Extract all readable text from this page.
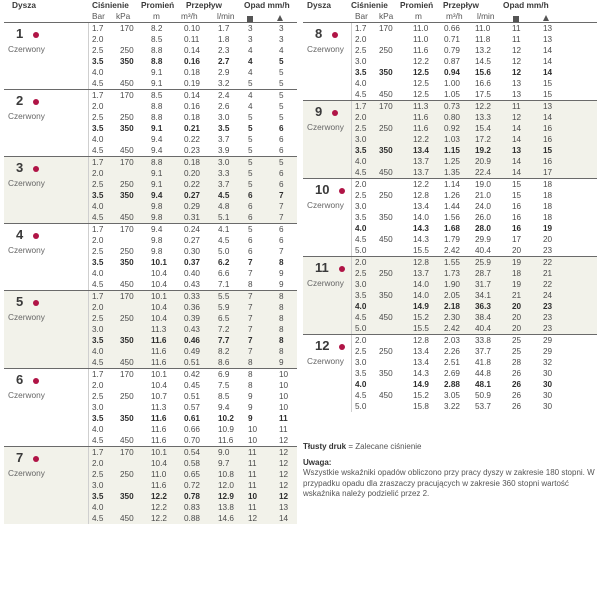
Dysza	Ciśnienie Promień Przepływ	Opad mm/h
Bar kPa	m	m³/h l/min
1
Czerwony
1.7 170 8.2	0.10 1.7 3	3
2.0	8.5	0.11 1.8 3	3
2.5 250 8.8	0.14 2.3 4	4
3.5 350 8.8	0.16 2.7 4	5
4.0	9.1	0.18 2.9 4	5
4.5 450 9.1	0.19 3.2 5	5
2
Czerwony
1.7 170 8.5	0.14 2.4 4	5
2.0	8.8	0.16 2.6 4	5
2.5 250 8.8	0.18 3.0 5	5
3.5 350 9.1	0.21 3.5 5	6
4.0	9.4	0.22 3.7 5	6
4.5 450 9.4	0.23 3.9 5	6
3
Czerwony
1.7 170 8.8	0.18 3.0 5	5
2.0	9.1	0.20 3.3 5	6
2.5 250 9.1	0.22 3.7 5	6
3.5 350 9.4	0.27 4.5 6	7
4.0	9.8	0.29 4.8 6	7
4.5 450 9.8	0.31 5.1 6	7
4
Czerwony
1.7 170 9.4	0.24 4.1 5	6
2.0	9.8	0.27 4.5 6	6
2.5 250 9.8	0.30 5.0 6	7
3.5 350 10.1 0.37 6.2 7	8
4.0	10.4 0.40 6.6 7	9
4.5 450 10.4 0.43 7.1 8	9
5
Czerwony
1.7 170 10.1 0.33 5.5 7	8
2.0	10.4 0.36 5.9 7	8
2.5 250 10.4 0.39 6.5 7	8
3.0	11.3 0.43 7.2 7	8
3.5 350 11.6 0.46 7.7 7	8
4.0	11.6 0.49 8.2 7	8
4.5 450 11.6 0.51 8.6 8	9
6
Czerwony
1.7 170 10.1 0.42 6.9 8	10
2.0	10.4 0.45 7.5 8	10
2.5 250 10.7 0.51 8.5 9	10
3.0	11.3 0.57 9.4 9	10
3.5 350 11.6 0.61 10.2 9	11
4.0	11.6 0.66 10.9 10	11
4.5 450 11.6 0.70 11.6 10	12
7
Czerwony
1.7 170 10.1 0.54 9.0 11	12
2.0	10.4 0.58 9.7 11	12
2.5 250 11.0 0.65 10.8 11	12
3.0	11.6 0.72 12.0 11	12
3.5 350 12.2 0.78 12.9 10	12
4.0	12.2 0.83 13.8 11	13
4.5 450 12.2 0.88 14.6 12	14
Dysza Ciśnienie Promień Przepływ	Opad mm/h
Bar kPa	m	m³/h l/min
8
Czerwony
1.7 170 11.0 0.66 11.0	11	13
2.0	11.0 0.71 11.8	11	13
2.5 250 11.6 0.79 13.2	12	14
3.0	12.2 0.87 14.5	12	14
3.5 350 12.5 0.94 15.6	12	14
4.0	12.5 1.00 16.6	13	15
4.5 450 12.5 1.05 17.5	13	15
9
Czerwony
1.7 170 11.3 0.73 12.2	11	13
2.0	11.6 0.80 13.3	12	14
2.5 250 11.6 0.92 15.4	14	16
3.0	12.2 1.03 17.2	14	16
3.5 350 13.4 1.15 19.2	13	15
4.0	13.7 1.25 20.9	14	16
4.5 450 13.7 1.35 22.4	14	17
10
Czerwony
2.0	12.2 1.14 19.0	15	18
2.5 250 12.8 1.26 21.0	15	18
3.0	13.4 1.44 24.0	16	18
3.5 350 14.0 1.56 26.0	16	18
4.0	14.3 1.68 28.0	16	19
4.5 450 14.3 1.79 29.9	17	20
5.0	15.5 2.42 40.4	20	23
11
Czerwony
2.0	12.8 1.55 25.9	19	22
2.5 250 13.7 1.73 28.7	18	21
3.0	14.0 1.90 31.7	19	22
3.5 350 14.0 2.05 34.1	21	24
4.0	14.9 2.18 36.3	20	23
4.5 450 15.2 2.30 38.4	20	23
5.0	15.5 2.42 40.4	20	23
12
Czerwony
2.0	12.8 2.03 33.8	25	29
2.5 250 13.4 2.26 37.7	25	29
3.0	13.4 2.51 41.8	28	32
3.5 350 14.3 2.69 44.8	26	30
4.0	14.9 2.88 48.1	26	30
4.5 450 15.2 3.05 50.9	26	30
5.0	15.8 3.22 53.7	26	30
Tłusty druk = Zalecane ciśnienie
Uwaga:
Wszystkie wskaźniki opadów obliczono przy pracy dyszy w zakresie 180 stopni. W przypadku opadu dla zraszaczy pracujących w zakresie 360 stopni wartość wskaźnika należy podzielić przez 2.
